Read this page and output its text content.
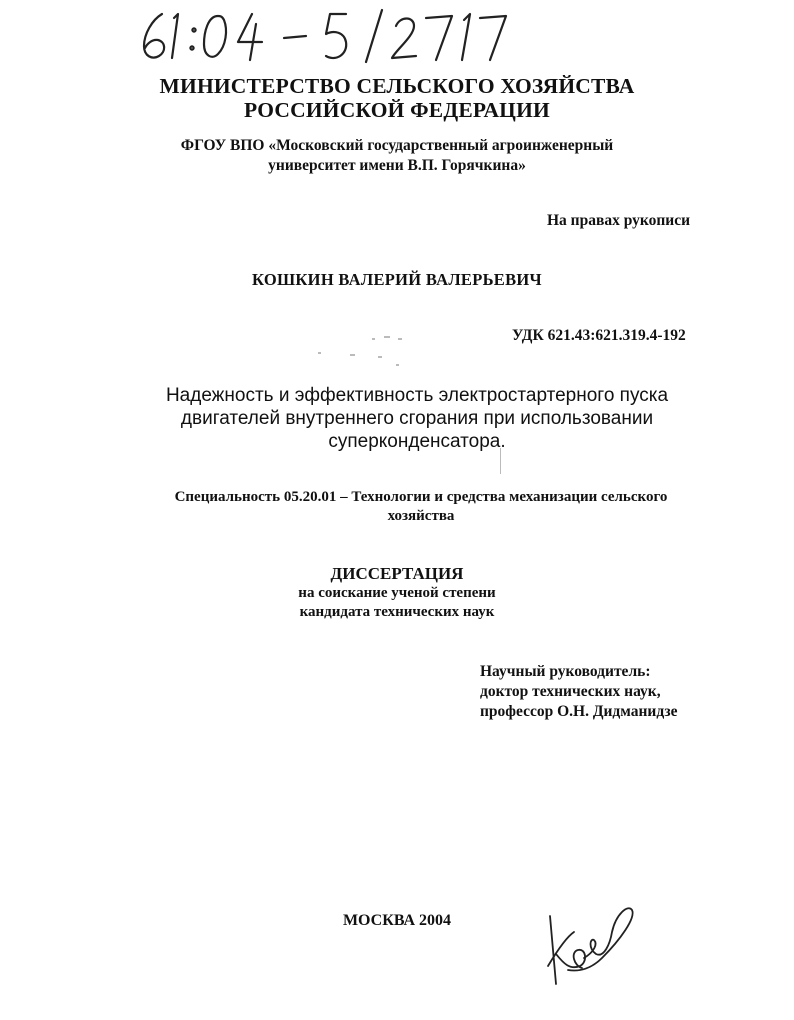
МИНИСТЕРСТВО СЕЛЬСКОГО ХОЗЯЙСТВА
РОССИЙСКОЙ ФЕДЕРАЦИИ
ФГОУ ВПО «Московский государственный агроинженерный
университет имени В.П. Горячкина»
На правах рукописи
КОШКИН ВАЛЕРИЙ ВАЛЕРЬЕВИЧ
УДК 621.43:621.319.4-192
Надежность и эффективность электростартерного пуска
двигателей внутреннего сгорания при использовании
суперконденсатора.
Специальность 05.20.01 – Технологии и средства механизации сельского
хозяйства
ДИССЕРТАЦИЯ
на соискание ученой степени
кандидата технических наук
Научный руководитель:
доктор технических наук,
профессор О.Н. Дидманидзе
МОСКВА 2004
